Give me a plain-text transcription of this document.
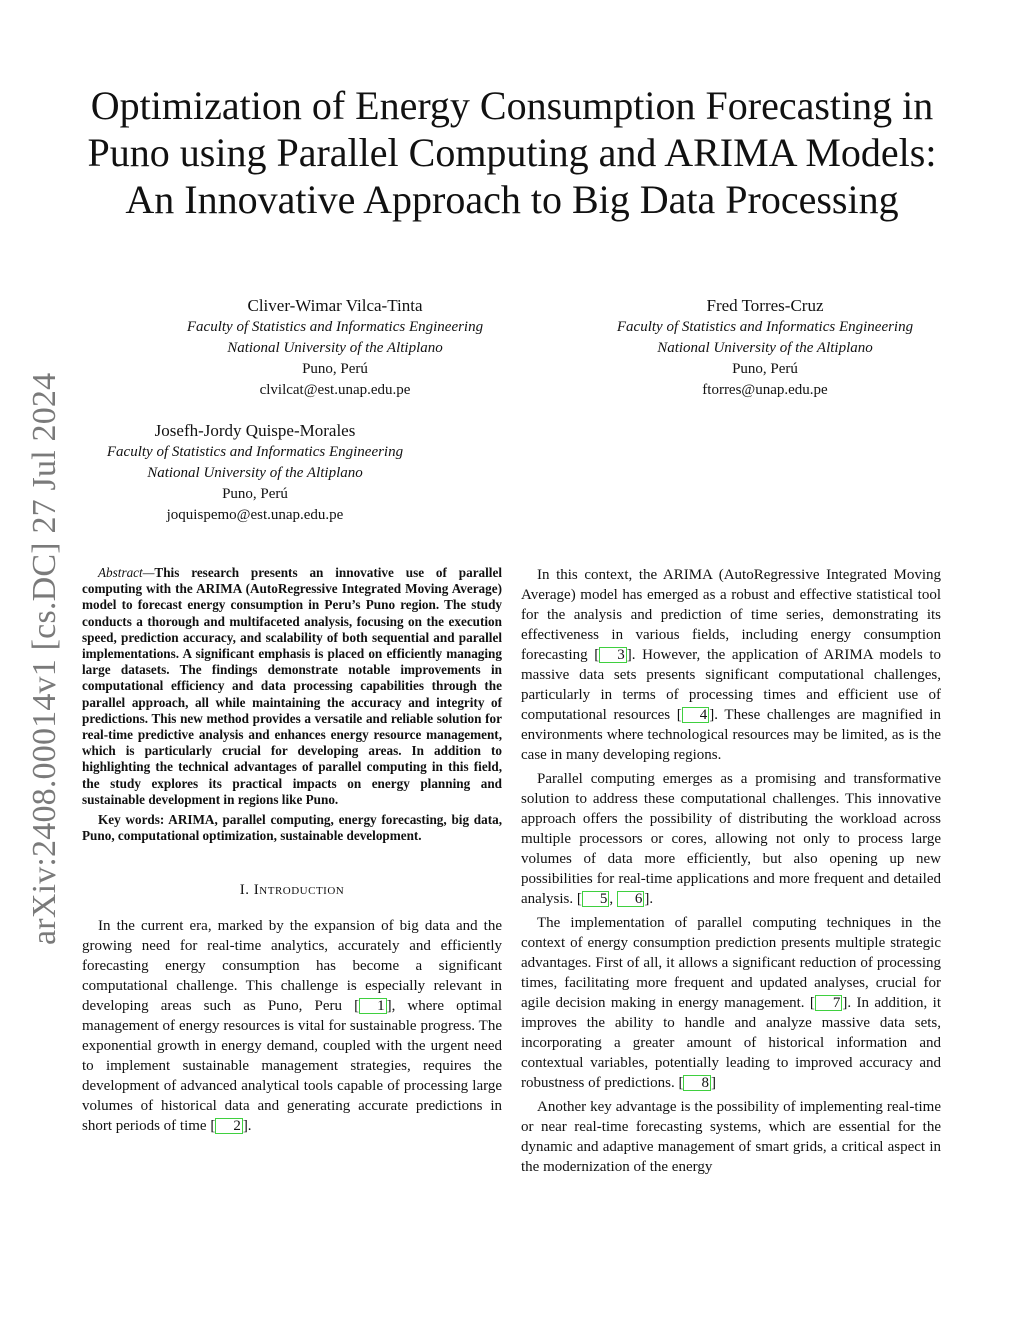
arXiv:2408.00014v1 [cs.DC] 27 Jul 2024
Optimization of Energy Consumption Forecasting in Puno using Parallel Computing and ARIMA Models: An Innovative Approach to Big Data Processing
Cliver-Wimar Vilca-Tinta
Faculty of Statistics and Informatics Engineering
National University of the Altiplano
Puno, Perú
clvilcat@est.unap.edu.pe
Fred Torres-Cruz
Faculty of Statistics and Informatics Engineering
National University of the Altiplano
Puno, Perú
ftorres@unap.edu.pe
Josefh-Jordy Quispe-Morales
Faculty of Statistics and Informatics Engineering
National University of the Altiplano
Puno, Perú
joquispemo@est.unap.edu.pe

Abstract—This research presents an innovative use of parallel computing with the ARIMA (AutoRegressive Integrated Moving Average) model to forecast energy consumption in Peru’s Puno region. The study conducts a thorough and multifaceted analysis, focusing on the execution speed, prediction accuracy, and scalability of both sequential and parallel implementations. A significant emphasis is placed on efficiently managing large datasets. The findings demonstrate notable improvements in computational efficiency and data processing capabilities through the parallel approach, all while maintaining the accuracy and integrity of predictions. This new method provides a versatile and reliable solution for real-time predictive analysis and enhances energy resource management, which is particularly crucial for developing areas. In addition to highlighting the technical advantages of parallel computing in this field, the study explores its practical impacts on energy planning and sustainable development in regions like Puno.

Key words: ARIMA, parallel computing, energy forecasting, big data, Puno, computational optimization, sustainable development.

I. Introduction

In the current era, marked by the expansion of big data and the growing need for real-time analytics, accurately and efficiently forecasting energy consumption has become a significant computational challenge. This challenge is especially relevant in developing areas such as Puno, Peru [ 1 ], where optimal management of energy resources is vital for sustainable progress. The exponential growth in energy demand, coupled with the urgent need to implement sustainable management strategies, requires the development of advanced analytical tools capable of processing large volumes of historical data and generating accurate predictions in short periods of time [ 2 ].

In this context, the ARIMA (AutoRegressive Integrated Moving Average) model has emerged as a robust and effective statistical tool for the analysis and prediction of time series, demonstrating its effectiveness in various fields, including energy consumption forecasting [ 3 ]. However, the application of ARIMA models to massive data sets presents significant computational challenges, particularly in terms of processing times and efficient use of computational resources [ 4 ]. These challenges are magnified in environments where technological resources may be limited, as is the case in many developing regions.

Parallel computing emerges as a promising and transformative solution to address these computational challenges. This innovative approach offers the possibility of distributing the workload across multiple processors or cores, allowing not only to process large volumes of data more efficiently, but also opening up new possibilities for real-time applications and more frequent and detailed analysis. [ 5 , 6 ].

The implementation of parallel computing techniques in the context of energy consumption prediction presents multiple strategic advantages. First of all, it allows a significant reduction of processing times, facilitating more frequent and updated analyses, crucial for agile decision making in energy management. [ 7 ]. In addition, it improves the ability to handle and analyze massive data sets, incorporating a greater amount of historical information and contextual variables, potentially leading to improved accuracy and robustness of predictions. [ 8 ]

Another key advantage is the possibility of implementing real-time or near real-time forecasting systems, which are essential for the dynamic and adaptive management of smart grids, a critical aspect in the modernization of the energy
